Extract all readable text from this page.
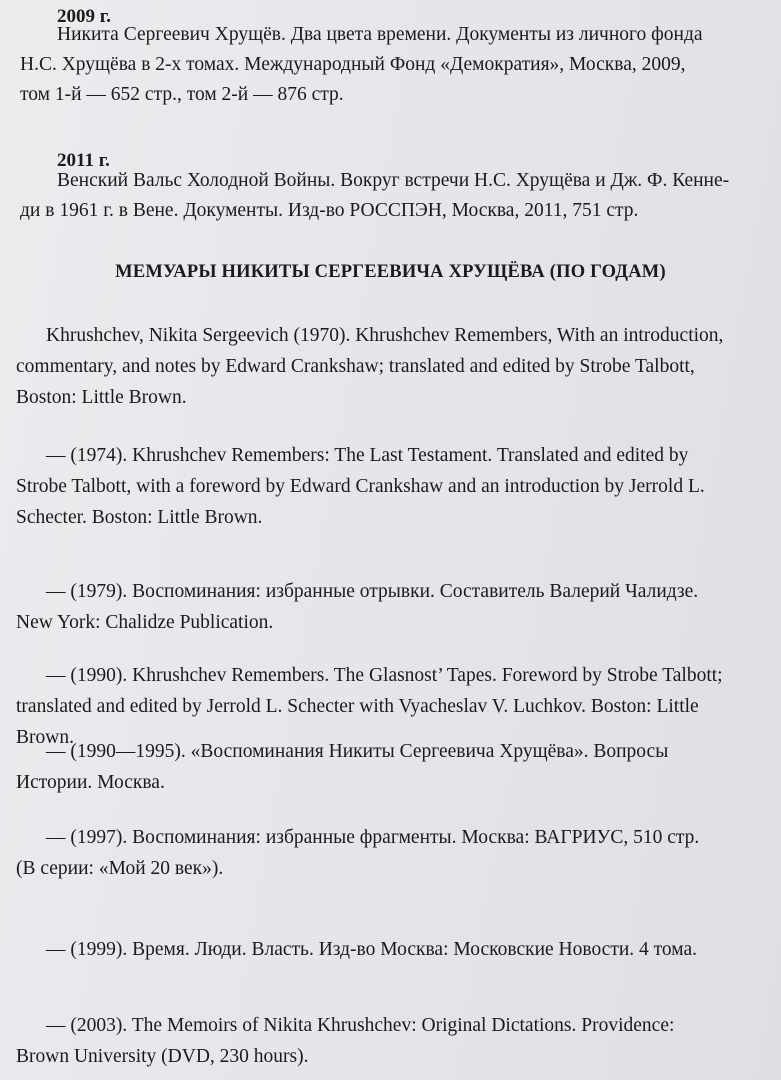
2009 г.
Никита Сергеевич Хрущёв. Два цвета времени. Документы из личного фонда
Н.С. Хрущёва в 2-х томах. Международный Фонд «Демократия», Москва, 2009,
том 1-й — 652 стр., том 2-й — 876 стр.
2011 г.
Венский Вальс Холодной Войны. Вокруг встречи Н.С. Хрущёва и Дж. Ф. Кенне-
ди в 1961 г. в Вене. Документы. Изд-во РОССПЭН, Москва, 2011, 751 стр.
МЕМУАРЫ НИКИТЫ СЕРГЕЕВИЧА ХРУЩЁВА (ПО ГОДАМ)
Khrushchev, Nikita Sergeevich (1970). Khrushchev Remembers, With an introduction,
commentary, and notes by Edward Crankshaw; translated and edited by Strobe Talbott,
Boston: Little Brown.
— (1974). Khrushchev Remembers: The Last Testament. Translated and edited by
Strobe Talbott, with a foreword by Edward Crankshaw and an introduction by Jerrold L.
Schecter. Boston: Little Brown.
— (1979). Воспоминания: избранные отрывки. Составитель Валерий Чалидзе.
New York: Chalidze Publication.
— (1990). Khrushchev Remembers. The Glasnost’ Tapes. Foreword by Strobe Talbott;
translated and edited by Jerrold L. Schecter with Vyacheslav V. Luchkov. Boston: Little
Brown.
— (1990—1995). «Воспоминания Никиты Сергеевича Хрущёва». Вопросы
Истории. Москва.
— (1997). Воспоминания: избранные фрагменты. Москва: ВАГРИУС, 510 стр.
(В серии: «Мой 20 век»).
— (1999). Время. Люди. Власть. Изд-во Москва: Московские Новости. 4 тома.
— (2003). The Memoirs of Nikita Khrushchev: Original Dictations. Providence:
Brown University (DVD, 230 hours).
